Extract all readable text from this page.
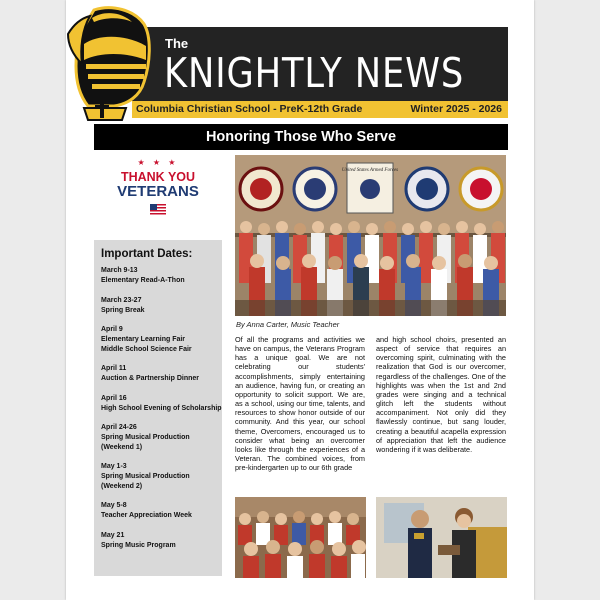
The
KNIGHTLY NEWS
Columbia Christian School - PreK-12th Grade	Winter 2025 - 2026
Honoring Those Who Serve
★ ★ ★
THANK YOU
VETERANS
Important Dates:
March 9-13
Elementary Read-A-Thon
March 23-27
Spring Break
April 9
Elementary Learning Fair
Middle School Science Fair
April 11
Auction & Partnership Dinner
April 16
High School Evening of Scholarship
April 24-26
Spring Musical Production
(Weekend 1)
May 1-3
Spring Musical Production
(Weekend 2)
May 5-8
Teacher Appreciation Week
May 21
Spring Music Program
United States Armed Forces
By Anna Carter, Music Teacher
Of all the programs and activities we have on campus, the Veterans Program has a unique goal. We are not celebrating our students' accomplishments, simply entertaining an audience, having fun, or creating an opportunity to solicit support. We are, as a school, using our time, talents, and resources to show honor outside of our community. And this year, our school theme, Overcomers, encouraged us to consider what being an overcomer looks like through the experiences of a Veteran. The combined voices, from pre-kindergarten up to our 6th grade
and high school choirs, presented an aspect of service that requires an overcoming spirit, culminating with the realization that God is our overcomer, regardless of the challenges. One of the highlights was when the 1st and 2nd grades were singing and a technical glitch left the students without accompaniment. Not only did they flawlessly continue, but sang louder, creating a beautiful acapella expression of appreciation that left the audience wondering if it was deliberate.
